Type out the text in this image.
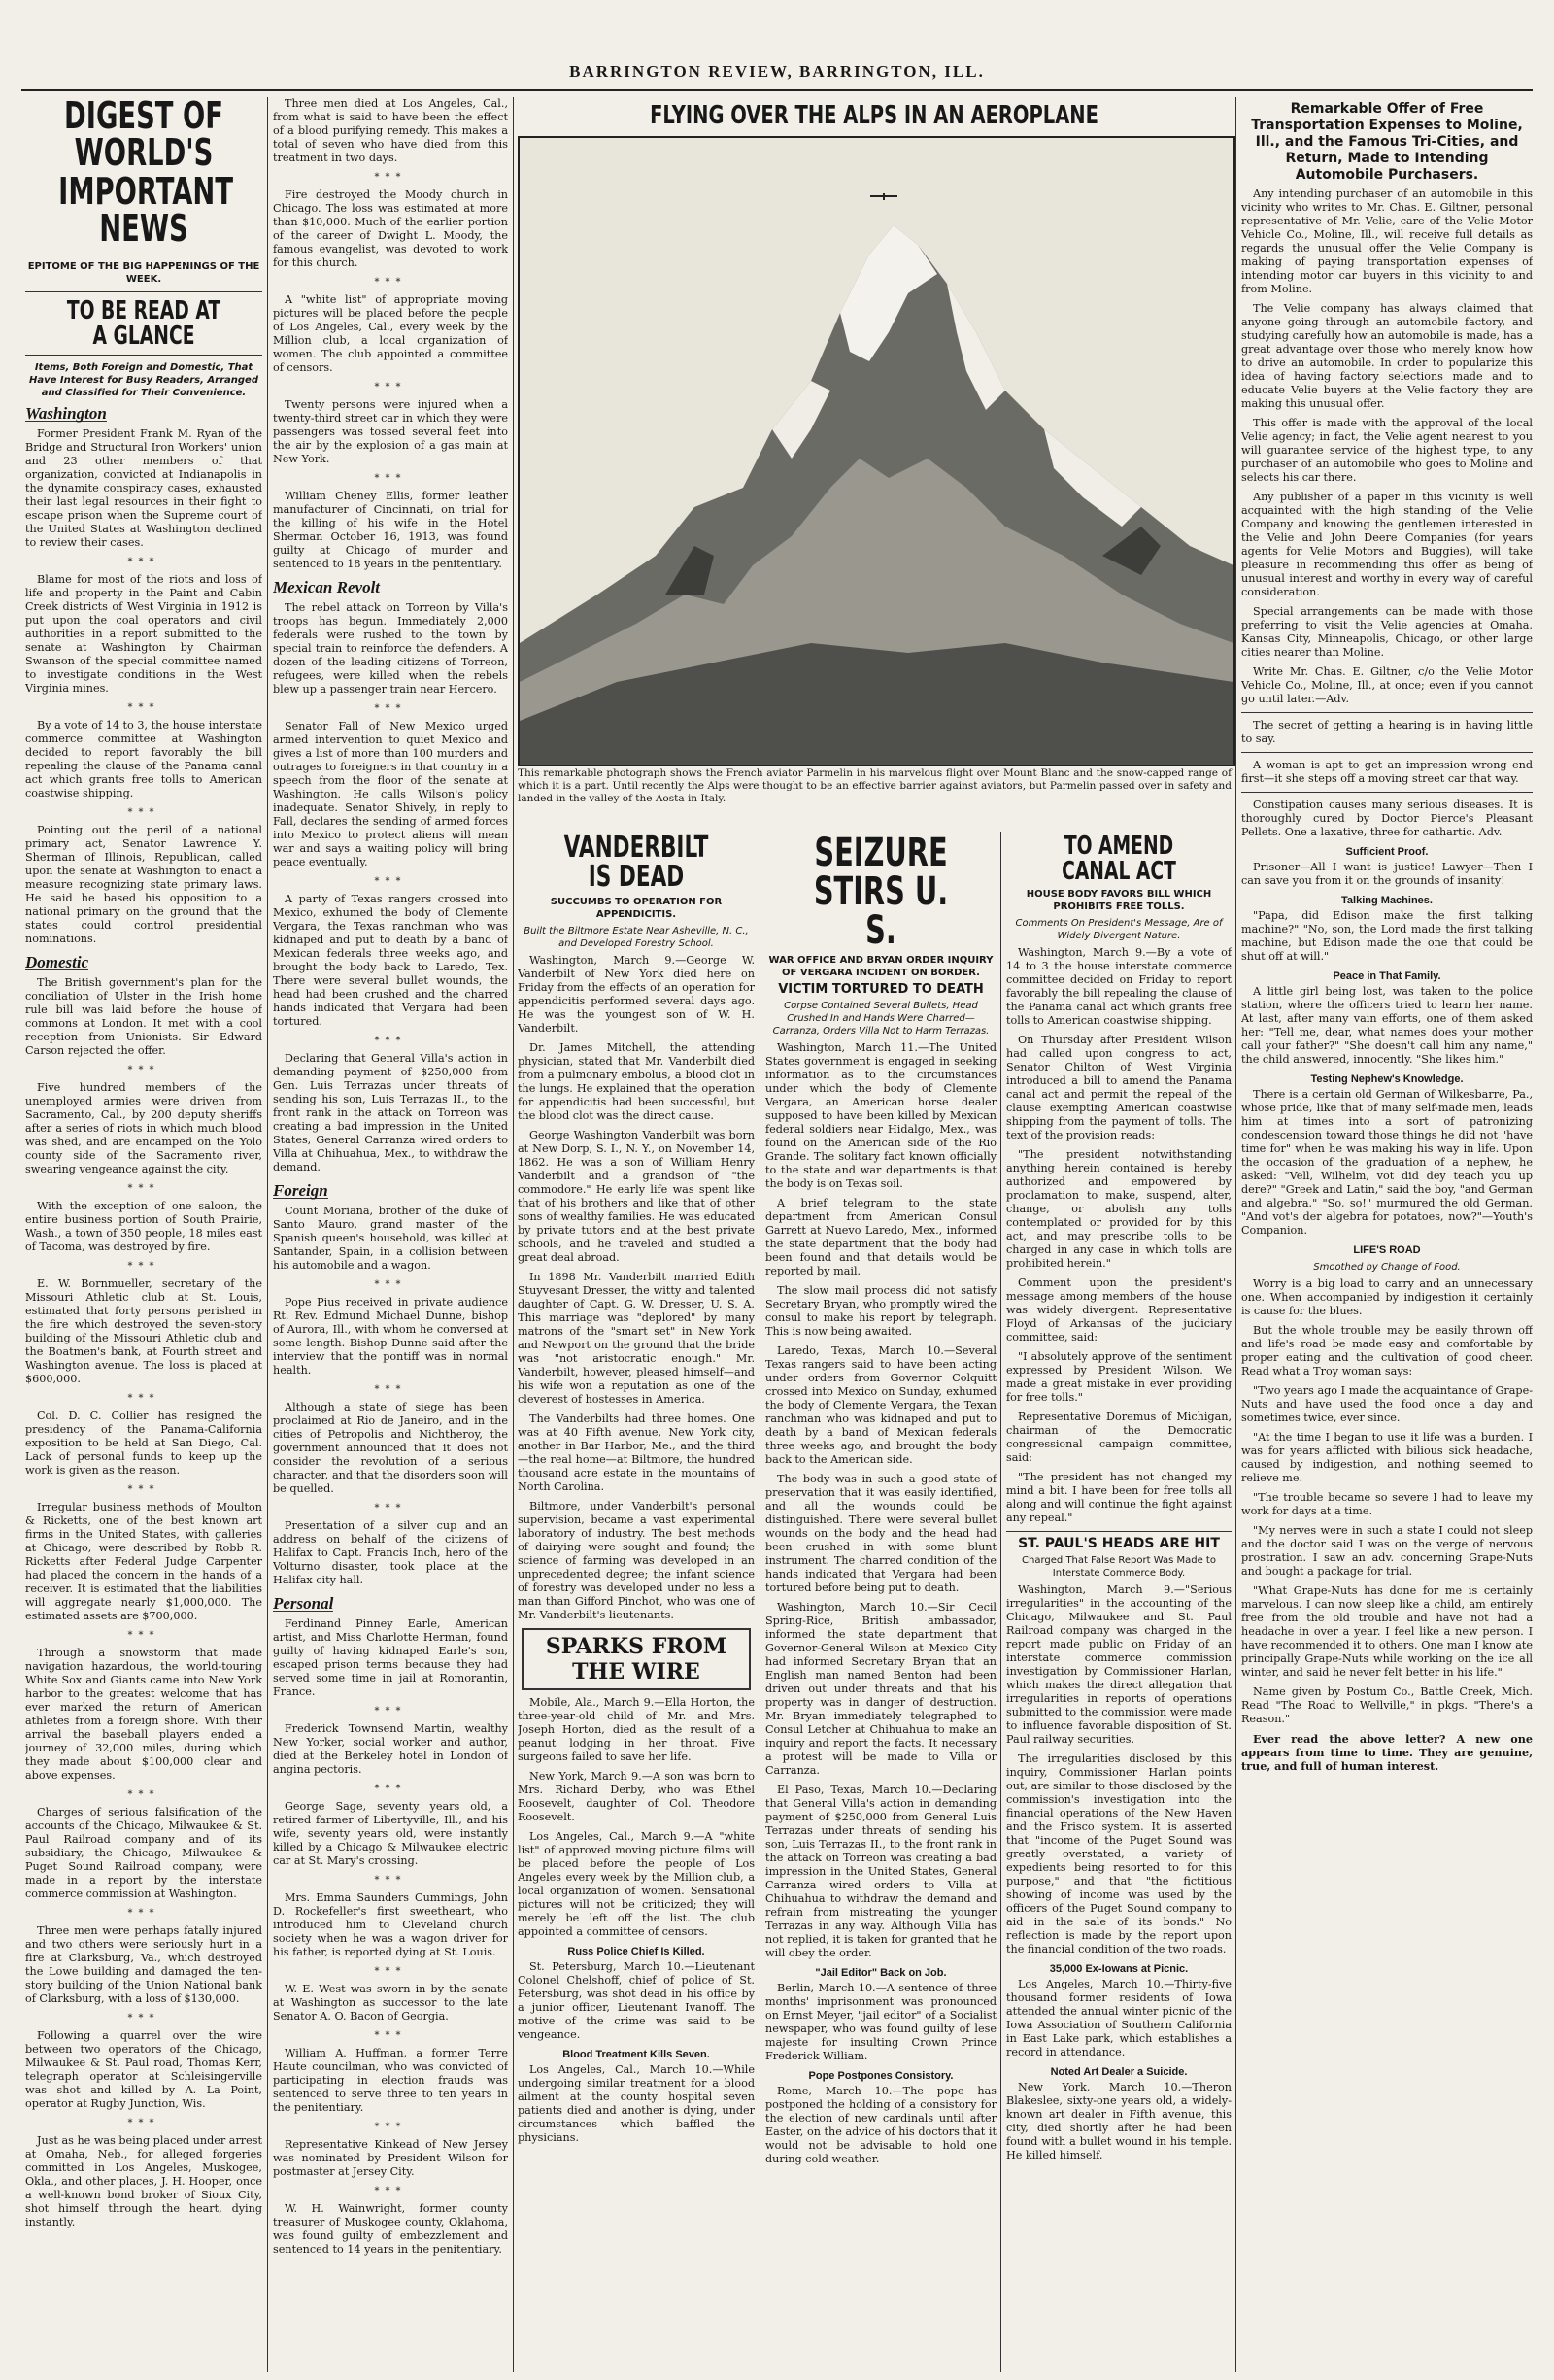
BARRINGTON REVIEW, BARRINGTON, ILL.
DIGEST OF WORLD'S
IMPORTANT NEWS
EPITOME OF THE BIG HAPPENINGS OF THE WEEK.
TO BE READ AT A GLANCE
Items, Both Foreign and Domestic, That Have Interest for Busy Readers, Arranged and Classified for Their Convenience.
Washington

Former President Frank M. Ryan of the Bridge and Structural Iron Workers' union and 23 other members of that organization, convicted at Indianapolis in the dynamite conspiracy cases, exhausted their last legal resources in their fight to escape prison when the Supreme court of the United States at Washington declined to review their cases.

***

Blame for most of the riots and loss of life and property in the Paint and Cabin Creek districts of West Virginia in 1912 is put upon the coal operators and civil authorities in a report submitted to the senate at Washington by Chairman Swanson of the special committee named to investigate conditions in the West Virginia mines.

***

By a vote of 14 to 3, the house interstate commerce committee at Washington decided to report favorably the bill repealing the clause of the Panama canal act which grants free tolls to American coastwise shipping.

***

Pointing out the peril of a national primary act, Senator Lawrence Y. Sherman of Illinois, Republican, called upon the senate at Washington to enact a measure recognizing state primary laws. He said he based his opposition to a national primary on the ground that the states could control presidential nominations.

Domestic

The British government's plan for the conciliation of Ulster in the Irish home rule bill was laid before the house of commons at London. It met with a cool reception from Unionists. Sir Edward Carson rejected the offer.

***

Five hundred members of the unemployed armies were driven from Sacramento, Cal., by 200 deputy sheriffs after a series of riots in which much blood was shed, and are encamped on the Yolo county side of the Sacramento river, swearing vengeance against the city.

***

With the exception of one saloon, the entire business portion of South Prairie, Wash., a town of 350 people, 18 miles east of Tacoma, was destroyed by fire.

***

E. W. Bornmueller, secretary of the Missouri Athletic club at St. Louis, estimated that forty persons perished in the fire which destroyed the seven-story building of the Missouri Athletic club and the Boatmen's bank, at Fourth street and Washington avenue. The loss is placed at $600,000.

***

Col. D. C. Collier has resigned the presidency of the Panama-California exposition to be held at San Diego, Cal. Lack of personal funds to keep up the work is given as the reason.

***

Irregular business methods of Moulton & Ricketts, one of the best known art firms in the United States, with galleries at Chicago, were described by Robb R. Ricketts after Federal Judge Carpenter had placed the concern in the hands of a receiver. It is estimated that the liabilities will aggregate nearly $1,000,000. The estimated assets are $700,000.

***

Through a snowstorm that made navigation hazardous, the world-touring White Sox and Giants came into New York harbor to the greatest welcome that has ever marked the return of American athletes from a foreign shore. With their arrival the baseball players ended a journey of 32,000 miles, during which they made about $100,000 clear and above expenses.

***

Charges of serious falsification of the accounts of the Chicago, Milwaukee & St. Paul Railroad company and of its subsidiary, the Chicago, Milwaukee & Puget Sound Railroad company, were made in a report by the interstate commerce commission at Washington.

***

Three men were perhaps fatally injured and two others were seriously hurt in a fire at Clarksburg, Va., which destroyed the Lowe building and damaged the ten-story building of the Union National bank of Clarksburg, with a loss of $130,000.

***

Following a quarrel over the wire between two operators of the Chicago, Milwaukee & St. Paul road, Thomas Kerr, telegraph operator at Schleisingerville was shot and killed by A. La Point, operator at Rugby Junction, Wis.

***

Just as he was being placed under arrest at Omaha, Neb., for alleged forgeries committed in Los Angeles, Muskogee, Okla., and other places, J. H. Hooper, once a well-known bond broker of Sioux City, shot himself through the heart, dying instantly.

Three men died at Los Angeles, Cal., from what is said to have been the effect of a blood purifying remedy. This makes a total of seven who have died from this treatment in two days.

***

Fire destroyed the Moody church in Chicago. The loss was estimated at more than $10,000. Much of the earlier portion of the career of Dwight L. Moody, the famous evangelist, was devoted to work for this church.

***

A "white list" of appropriate moving pictures will be placed before the people of Los Angeles, Cal., every week by the Million club, a local organization of women. The club appointed a committee of censors.

***

Twenty persons were injured when a twenty-third street car in which they were passengers was tossed several feet into the air by the explosion of a gas main at New York.

***

William Cheney Ellis, former leather manufacturer of Cincinnati, on trial for the killing of his wife in the Hotel Sherman October 16, 1913, was found guilty at Chicago of murder and sentenced to 18 years in the penitentiary.

Mexican Revolt

The rebel attack on Torreon by Villa's troops has begun. Immediately 2,000 federals were rushed to the town by special train to reinforce the defenders. A dozen of the leading citizens of Torreon, refugees, were killed when the rebels blew up a passenger train near Hercero.

***

Senator Fall of New Mexico urged armed intervention to quiet Mexico and gives a list of more than 100 murders and outrages to foreigners in that country in a speech from the floor of the senate at Washington. He calls Wilson's policy inadequate. Senator Shively, in reply to Fall, declares the sending of armed forces into Mexico to protect aliens will mean war and says a waiting policy will bring peace eventually.

***

A party of Texas rangers crossed into Mexico, exhumed the body of Clemente Vergara, the Texas ranchman who was kidnaped and put to death by a band of Mexican federals three weeks ago, and brought the body back to Laredo, Tex. There were several bullet wounds, the head had been crushed and the charred hands indicated that Vergara had been tortured.

***

Declaring that General Villa's action in demanding payment of $250,000 from Gen. Luis Terrazas under threats of sending his son, Luis Terrazas II., to the front rank in the attack on Torreon was creating a bad impression in the United States, General Carranza wired orders to Villa at Chihuahua, Mex., to withdraw the demand.

Foreign

Count Moriana, brother of the duke of Santo Mauro, grand master of the Spanish queen's household, was killed at Santander, Spain, in a collision between his automobile and a wagon.

***

Pope Pius received in private audience Rt. Rev. Edmund Michael Dunne, bishop of Aurora, Ill., with whom he conversed at some length. Bishop Dunne said after the interview that the pontiff was in normal health.

***

Although a state of siege has been proclaimed at Rio de Janeiro, and in the cities of Petropolis and Nichtheroy, the government announced that it does not consider the revolution of a serious character, and that the disorders soon will be quelled.

***

Presentation of a silver cup and an address on behalf of the citizens of Halifax to Capt. Francis Inch, hero of the Volturno disaster, took place at the Halifax city hall.

Personal

Ferdinand Pinney Earle, American artist, and Miss Charlotte Herman, found guilty of having kidnaped Earle's son, escaped prison terms because they had served some time in jail at Romorantin, France.

***

Frederick Townsend Martin, wealthy New Yorker, social worker and author, died at the Berkeley hotel in London of angina pectoris.

***

George Sage, seventy years old, a retired farmer of Libertyville, Ill., and his wife, seventy years old, were instantly killed by a Chicago & Milwaukee electric car at St. Mary's crossing.

***

Mrs. Emma Saunders Cummings, John D. Rockefeller's first sweetheart, who introduced him to Cleveland church society when he was a wagon driver for his father, is reported dying at St. Louis.

***

W. E. West was sworn in by the senate at Washington as successor to the late Senator A. O. Bacon of Georgia.

***

William A. Huffman, a former Terre Haute councilman, who was convicted of participating in election frauds was sentenced to serve three to ten years in the penitentiary.

***

Representative Kinkead of New Jersey was nominated by President Wilson for postmaster at Jersey City.

***

W. H. Wainwright, former county treasurer of Muskogee county, Oklahoma, was found guilty of embezzlement and sentenced to 14 years in the penitentiary.

FLYING OVER THE ALPS IN AN AEROPLANE
This remarkable photograph shows the French aviator Parmelin in his marvelous flight over Mount Blanc and the snow-capped range of which it is a part. Until recently the Alps were thought to be an effective barrier against aviators, but Parmelin passed over in safety and landed in the valley of the Aosta in Italy.
VANDERBILT IS DEAD
SUCCUMBS TO OPERATION FOR APPENDICITIS.
Built the Biltmore Estate Near Asheville, N. C., and Developed Forestry School.

Washington, March 9.—George W. Vanderbilt of New York died here on Friday from the effects of an operation for appendicitis performed several days ago. He was the youngest son of W. H. Vanderbilt.

Dr. James Mitchell, the attending physician, stated that Mr. Vanderbilt died from a pulmonary embolus, a blood clot in the lungs. He explained that the operation for appendicitis had been successful, but the blood clot was the direct cause.

George Washington Vanderbilt was born at New Dorp, S. I., N. Y., on November 14, 1862. He was a son of William Henry Vanderbilt and a grandson of "the commodore." He early life was spent like that of his brothers and like that of other sons of wealthy families. He was educated by private tutors and at the best private schools, and he traveled and studied a great deal abroad.

In 1898 Mr. Vanderbilt married Edith Stuyvesant Dresser, the witty and talented daughter of Capt. G. W. Dresser, U. S. A. This marriage was "deplored" by many matrons of the "smart set" in New York and Newport on the ground that the bride was "not aristocratic enough." Mr. Vanderbilt, however, pleased himself—and his wife won a reputation as one of the cleverest of hostesses in America.

The Vanderbilts had three homes. One was at 40 Fifth avenue, New York city, another in Bar Harbor, Me., and the third—the real home—at Biltmore, the hundred thousand acre estate in the mountains of North Carolina.

Biltmore, under Vanderbilt's personal supervision, became a vast experimental laboratory of industry. The best methods of dairying were sought and found; the science of farming was developed in an unprecedented degree; the infant science of forestry was developed under no less a man than Gifford Pinchot, who was one of Mr. Vanderbilt's lieutenants.

SPARKS FROM THE WIRE

Mobile, Ala., March 9.—Ella Horton, the three-year-old child of Mr. and Mrs. Joseph Horton, died as the result of a peanut lodging in her throat. Five surgeons failed to save her life.

New York, March 9.—A son was born to Mrs. Richard Derby, who was Ethel Roosevelt, daughter of Col. Theodore Roosevelt.

Los Angeles, Cal., March 9.—A "white list" of approved moving picture films will be placed before the people of Los Angeles every week by the Million club, a local organization of women. Sensational pictures will not be criticized; they will merely be left off the list. The club appointed a committee of censors.

Russ Police Chief Is Killed.

St. Petersburg, March 10.—Lieutenant Colonel Chelshoff, chief of police of St. Petersburg, was shot dead in his office by a junior officer, Lieutenant Ivanoff. The motive of the crime was said to be vengeance.

Blood Treatment Kills Seven.

Los Angeles, Cal., March 10.—While undergoing similar treatment for a blood ailment at the county hospital seven patients died and another is dying, under circumstances which baffled the physicians.

SEIZURE STIRS U. S.
WAR OFFICE AND BRYAN ORDER INQUIRY OF VERGARA INCIDENT ON BORDER.
VICTIM TORTURED TO DEATH
Corpse Contained Several Bullets, Head Crushed In and Hands Were Charred—Carranza, Orders Villa Not to Harm Terrazas.

Washington, March 11.—The United States government is engaged in seeking information as to the circumstances under which the body of Clemente Vergara, an American horse dealer supposed to have been killed by Mexican federal soldiers near Hidalgo, Mex., was found on the American side of the Rio Grande. The solitary fact known officially to the state and war departments is that the body is on Texas soil.

A brief telegram to the state department from American Consul Garrett at Nuevo Laredo, Mex., informed the state department that the body had been found and that details would be reported by mail.

The slow mail process did not satisfy Secretary Bryan, who promptly wired the consul to make his report by telegraph. This is now being awaited.

Laredo, Texas, March 10.—Several Texas rangers said to have been acting under orders from Governor Colquitt crossed into Mexico on Sunday, exhumed the body of Clemente Vergara, the Texan ranchman who was kidnaped and put to death by a band of Mexican federals three weeks ago, and brought the body back to the American side.

The body was in such a good state of preservation that it was easily identified, and all the wounds could be distinguished. There were several bullet wounds on the body and the head had been crushed in with some blunt instrument. The charred condition of the hands indicated that Vergara had been tortured before being put to death.

Washington, March 10.—Sir Cecil Spring-Rice, British ambassador, informed the state department that Governor-General Wilson at Mexico City had informed Secretary Bryan that an English man named Benton had been driven out under threats and that his property was in danger of destruction. Mr. Bryan immediately telegraphed to Consul Letcher at Chihuahua to make an inquiry and report the facts. It necessary a protest will be made to Villa or Carranza.

El Paso, Texas, March 10.—Declaring that General Villa's action in demanding payment of $250,000 from General Luis Terrazas under threats of sending his son, Luis Terrazas II., to the front rank in the attack on Torreon was creating a bad impression in the United States, General Carranza wired orders to Villa at Chihuahua to withdraw the demand and refrain from mistreating the younger Terrazas in any way. Although Villa has not replied, it is taken for granted that he will obey the order.

"Jail Editor" Back on Job.

Berlin, March 10.—A sentence of three months' imprisonment was pronounced on Ernst Meyer, "jail editor" of a Socialist newspaper, who was found guilty of lese majeste for insulting Crown Prince Frederick William.

Pope Postpones Consistory.

Rome, March 10.—The pope has postponed the holding of a consistory for the election of new cardinals until after Easter, on the advice of his doctors that it would not be advisable to hold one during cold weather.

TO AMEND CANAL ACT
HOUSE BODY FAVORS BILL WHICH PROHIBITS FREE TOLLS.
Comments On President's Message, Are of Widely Divergent Nature.

Washington, March 9.—By a vote of 14 to 3 the house interstate commerce committee decided on Friday to report favorably the bill repealing the clause of the Panama canal act which grants free tolls to American coastwise shipping.

On Thursday after President Wilson had called upon congress to act, Senator Chilton of West Virginia introduced a bill to amend the Panama canal act and permit the repeal of the clause exempting American coastwise shipping from the payment of tolls. The text of the provision reads:

"The president notwithstanding anything herein contained is hereby authorized and empowered by proclamation to make, suspend, alter, change, or abolish any tolls contemplated or provided for by this act, and may prescribe tolls to be charged in any case in which tolls are prohibited herein."

Comment upon the president's message among members of the house was widely divergent. Representative Floyd of Arkansas of the judiciary committee, said:

"I absolutely approve of the sentiment expressed by President Wilson. We made a great mistake in ever providing for free tolls."

Representative Doremus of Michigan, chairman of the Democratic congressional campaign committee, said:

"The president has not changed my mind a bit. I have been for free tolls all along and will continue the fight against any repeal."

ST. PAUL'S HEADS ARE HIT
Charged That False Report Was Made to Interstate Commerce Body.

Washington, March 9.—"Serious irregularities" in the accounting of the Chicago, Milwaukee and St. Paul Railroad company was charged in the report made public on Friday of an interstate commerce commission investigation by Commissioner Harlan, which makes the direct allegation that irregularities in reports of operations submitted to the commission were made to influence favorable disposition of St. Paul railway securities.

The irregularities disclosed by this inquiry, Commissioner Harlan points out, are similar to those disclosed by the commission's investigation into the financial operations of the New Haven and the Frisco system. It is asserted that "income of the Puget Sound was greatly overstated, a variety of expedients being resorted to for this purpose," and that "the fictitious showing of income was used by the officers of the Puget Sound company to aid in the sale of its bonds." No reflection is made by the report upon the financial condition of the two roads.

35,000 Ex-Iowans at Picnic.

Los Angeles, March 10.—Thirty-five thousand former residents of Iowa attended the annual winter picnic of the Iowa Association of Southern California in East Lake park, which establishes a record in attendance.

Noted Art Dealer a Suicide.

New York, March 10.—Theron Blakeslee, sixty-one years old, a widely-known art dealer in Fifth avenue, this city, died shortly after he had been found with a bullet wound in his temple. He killed himself.

Remarkable Offer of Free Transportation Expenses to Moline, Ill., and the Famous Tri-Cities, and Return, Made to Intending Automobile Purchasers.

Any intending purchaser of an automobile in this vicinity who writes to Mr. Chas. E. Giltner, personal representative of Mr. Velie, care of the Velie Motor Vehicle Co., Moline, Ill., will receive full details as regards the unusual offer the Velie Company is making of paying transportation expenses of intending motor car buyers in this vicinity to and from Moline.

The Velie company has always claimed that anyone going through an automobile factory, and studying carefully how an automobile is made, has a great advantage over those who merely know how to drive an automobile. In order to popularize this idea of having factory selections made and to educate Velie buyers at the Velie factory they are making this unusual offer.

This offer is made with the approval of the local Velie agency; in fact, the Velie agent nearest to you will guarantee service of the highest type, to any purchaser of an automobile who goes to Moline and selects his car there.

Any publisher of a paper in this vicinity is well acquainted with the high standing of the Velie Company and knowing the gentlemen interested in the Velie and John Deere Companies (for years agents for Velie Motors and Buggies), will take pleasure in recommending this offer as being of unusual interest and worthy in every way of careful consideration.

Special arrangements can be made with those preferring to visit the Velie agencies at Omaha, Kansas City, Minneapolis, Chicago, or other large cities nearer than Moline.

Write Mr. Chas. E. Giltner, c/o the Velie Motor Vehicle Co., Moline, Ill., at once; even if you cannot go until later.—Adv.

The secret of getting a hearing is in having little to say.

A woman is apt to get an impression wrong end first—it she steps off a moving street car that way.

Constipation causes many serious diseases. It is thoroughly cured by Doctor Pierce's Pleasant Pellets. One a laxative, three for cathartic. Adv.

Sufficient Proof.

Prisoner—All I want is justice! Lawyer—Then I can save you from it on the grounds of insanity!

Talking Machines.

"Papa, did Edison make the first talking machine?" "No, son, the Lord made the first talking machine, but Edison made the one that could be shut off at will."

Peace in That Family.

A little girl being lost, was taken to the police station, where the officers tried to learn her name. At last, after many vain efforts, one of them asked her: "Tell me, dear, what names does your mother call your father?" "She doesn't call him any name," the child answered, innocently. "She likes him."

Testing Nephew's Knowledge.

There is a certain old German of Wilkesbarre, Pa., whose pride, like that of many self-made men, leads him at times into a sort of patronizing condescension toward those things he did not "have time for" when he was making his way in life. Upon the occasion of the graduation of a nephew, he asked: "Vell, Wilhelm, vot did dey teach you up dere?" "Greek and Latin," said the boy, "and German and algebra." "So, so!" murmured the old German. "And vot's der algebra for potatoes, now?"—Youth's Companion.

LIFE'S ROAD
Smoothed by Change of Food.

Worry is a big load to carry and an unnecessary one. When accompanied by indigestion it certainly is cause for the blues.

But the whole trouble may be easily thrown off and life's road be made easy and comfortable by proper eating and the cultivation of good cheer. Read what a Troy woman says:

"Two years ago I made the acquaintance of Grape-Nuts and have used the food once a day and sometimes twice, ever since.

"At the time I began to use it life was a burden. I was for years afflicted with bilious sick headache, caused by indigestion, and nothing seemed to relieve me.

"The trouble became so severe I had to leave my work for days at a time.

"My nerves were in such a state I could not sleep and the doctor said I was on the verge of nervous prostration. I saw an adv. concerning Grape-Nuts and bought a package for trial.

"What Grape-Nuts has done for me is certainly marvelous. I can now sleep like a child, am entirely free from the old trouble and have not had a headache in over a year. I feel like a new person. I have recommended it to others. One man I know ate principally Grape-Nuts while working on the ice all winter, and said he never felt better in his life."

Name given by Postum Co., Battle Creek, Mich. Read "The Road to Wellville," in pkgs. "There's a Reason."

Ever read the above letter? A new one appears from time to time. They are genuine, true, and full of human interest.
